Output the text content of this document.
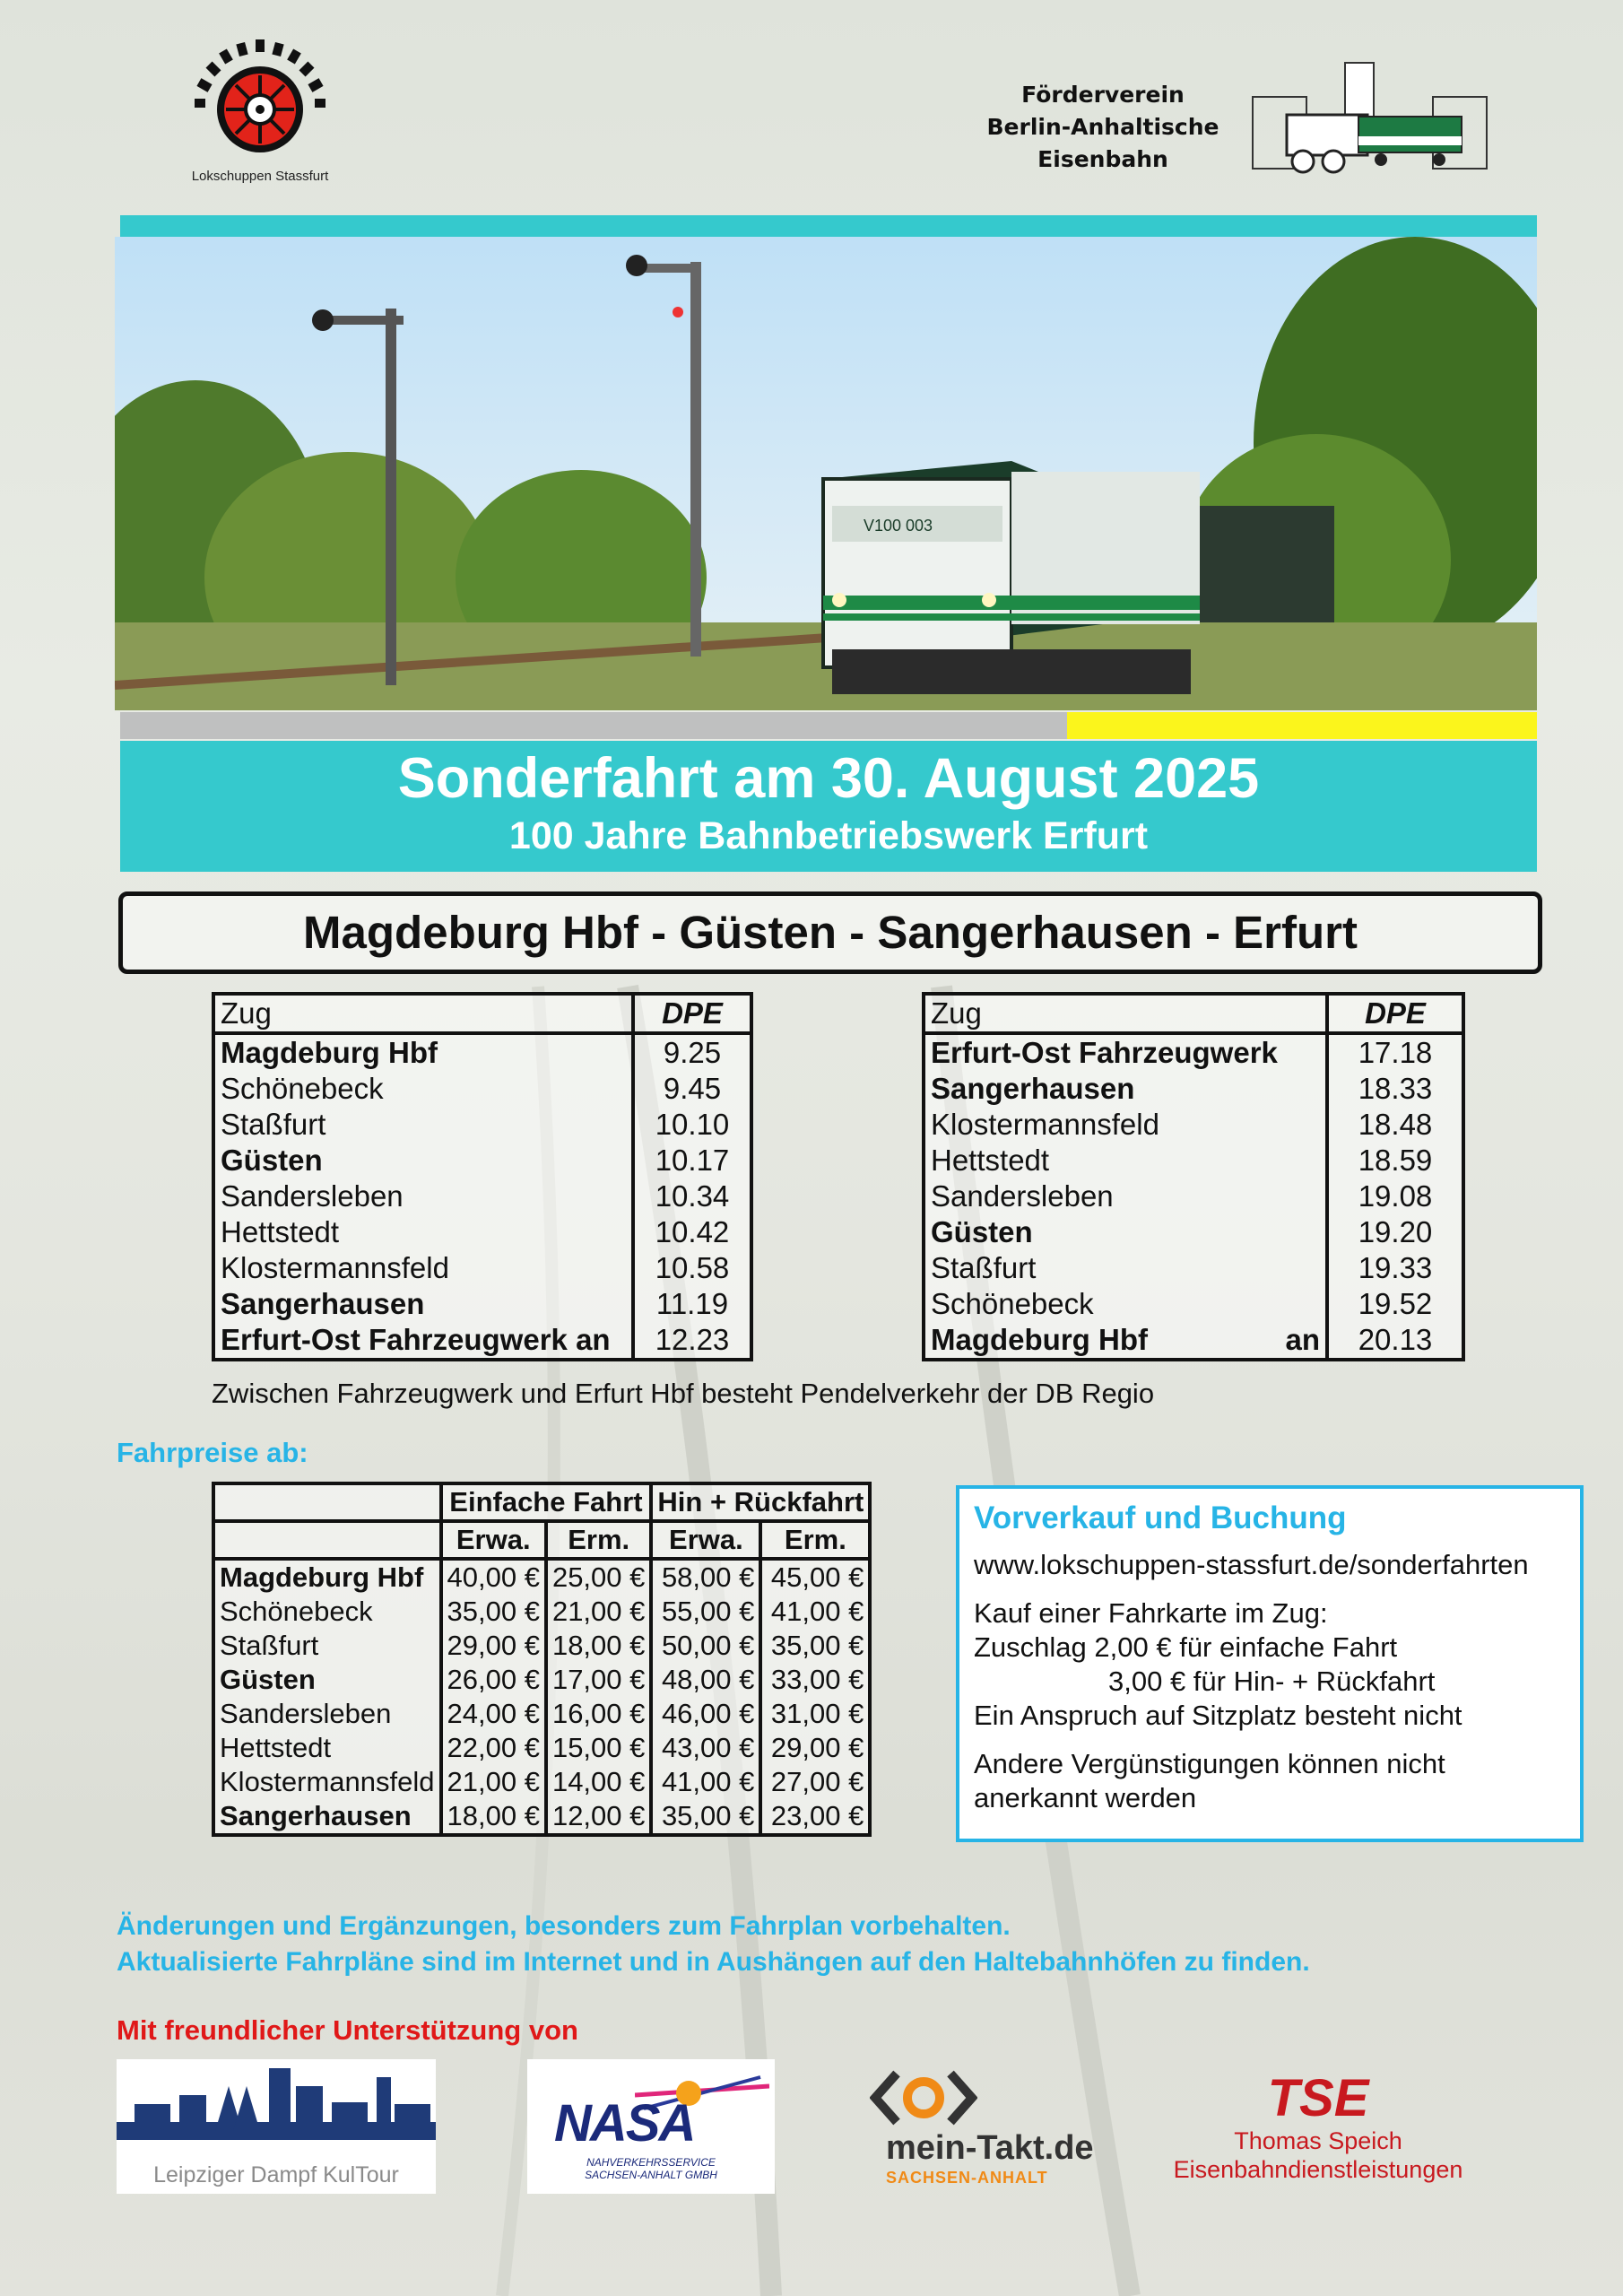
Lokschuppen Stassfurt
Förderverein
Berlin-Anhaltische
Eisenbahn
V100 003
Sonderfahrt am 30. August 2025
100 Jahre Bahnbetriebswerk Erfurt
Magdeburg Hbf - Güsten - Sangerhausen - Erfurt
Zug	DPE
Magdeburg Hbf	9.25
Schönebeck	9.45
Staßfurt	10.10
Güsten	10.17
Sandersleben	10.34
Hettstedt	10.42
Klostermannsfeld	10.58
Sangerhausen	11.19
Erfurt-Ost Fahrzeugwerk an	12.23
Zug	DPE
Erfurt-Ost Fahrzeugwerk	17.18
Sangerhausen	18.33
Klostermannsfeld	18.48
Hettstedt	18.59
Sandersleben	19.08
Güsten	19.20
Staßfurt	19.33
Schönebeck	19.52
Magdeburg Hbf an	20.13
Zwischen Fahrzeugwerk und Erfurt Hbf besteht Pendelverkehr der DB Regio
Fahrpreise ab:
	Einfache Fahrt		Hin + Rückfahrt	
	Erwa.	Erm.	Erwa.	Erm.
Magdeburg Hbf	40,00 €	25,00 €	58,00 €	45,00 €
Schönebeck	35,00 €	21,00 €	55,00 €	41,00 €
Staßfurt	29,00 €	18,00 €	50,00 €	35,00 €
Güsten	26,00 €	17,00 €	48,00 €	33,00 €
Sandersleben	24,00 €	16,00 €	46,00 €	31,00 €
Hettstedt	22,00 €	15,00 €	43,00 €	29,00 €
Klostermannsfeld	21,00 €	14,00 €	41,00 €	27,00 €
Sangerhausen	18,00 €	12,00 €	35,00 €	23,00 €
Vorverkauf und Buchung
www.lokschuppen-stassfurt.de/sonderfahrten
Kauf einer Fahrkarte im Zug:
Zuschlag 2,00 € für einfache Fahrt
3,00 € für Hin- + Rückfahrt
Ein Anspruch auf Sitzplatz besteht nicht
Andere Vergünstigungen können nicht
anerkannt werden
Änderungen und Ergänzungen, besonders zum Fahrplan vorbehalten.
Aktualisierte Fahrpläne sind im Internet und in Aushängen auf den Haltebahnhöfen zu finden.
Mit freundlicher Unterstützung von
Leipziger Dampf KulTour
NASA
NAHVERKEHRSSERVICE
SACHSEN-ANHALT GMBH
mein-Takt.de
SACHSEN-ANHALT
TSE
Thomas Speich
Eisenbahndienstleistungen
